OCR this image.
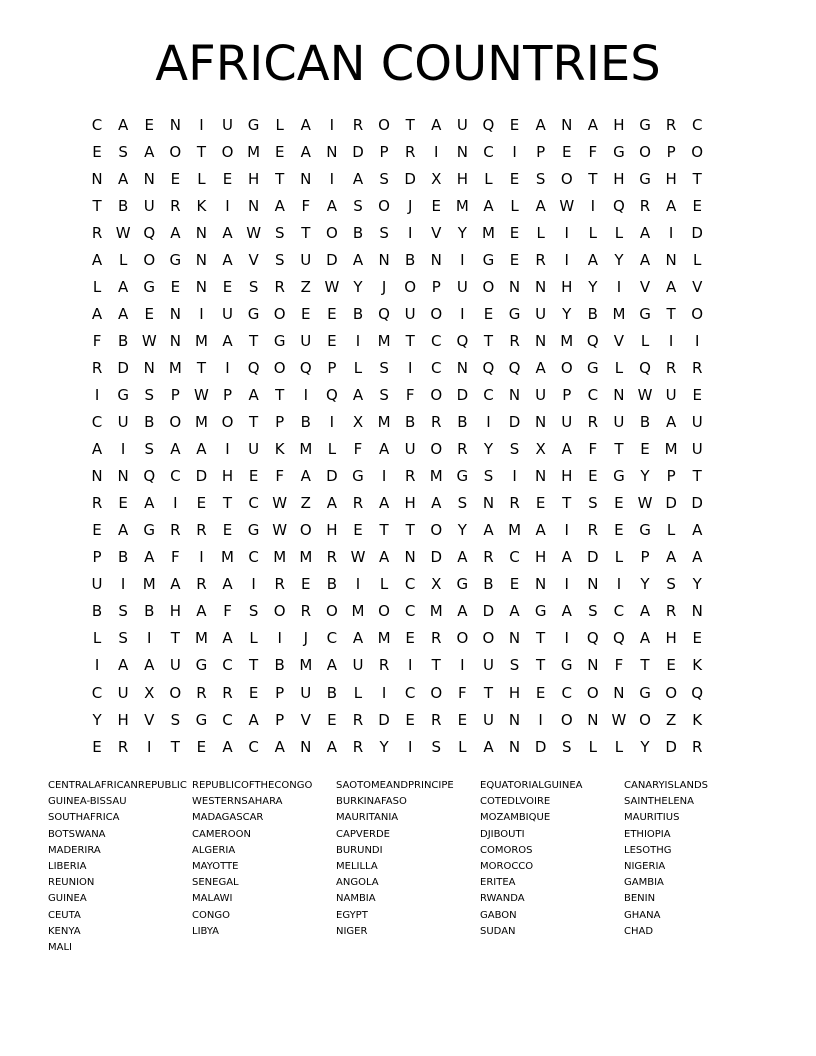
AFRICAN COUNTRIES
C	A	E	N	I	U G	L	A	I	R O	T	A	U Q	E	A	N	A	H G	R	C
E	S	A	O	T	O M E	A	N D	P	R	I	N	C	I	P	E	F	G O	P	O
N	A	N	E	L	E	H	T	N	I	A	S	D	X	H	L	E	S	O	T	H G H	T
T	B	U	R	K	I	N	A	F	A	S	O	J	E M A	L	A W	I	Q R	A	E
R W Q	A	N	A W S	T	O	B	S	I	V	Y	M E	L	I	L	L	A	I	D
A	L	O G N	A	V	S	U D	A	N	B	N	I	G	E	R	I	A	Y	A	N	L
L	A	G	E	N	E	S	R	Z W Y	J	O	P	U O N N H	Y	I	V	A	V
A	A	E	N	I	U G O	E	E	B	Q U O	I	E	G U	Y	B M G	T	O
F	B W N M A	T	G U	E	I	M	T	C Q	T	R	N M Q	V	L	I	I
R	D N M	T	I	Q O Q	P	L	S	I	C	N Q Q	A	O G	L	Q R	R
I	G	S	P W P	A	T	I	Q	A	S	F	O D	C	N U	P	C	N W U	E
C	U	B	O M O	T	P	B	I	X M B	R	B	I	D N U	R	U	B	A	U
A	I	S	A	A	I	U	K M	L	F	A	U O R	Y	S	X	A	F	T	E M U
N N Q C	D H	E	F	A	D G	I	R M G	S	I	N H	E	G	Y	P	T
R	E	A	I	E	T	C W Z	A	R	A	H	A	S	N	R	E	T	S	E W D D
E	A	G	R	R	E	G W O H	E	T	T	O	Y	A M A	I	R	E	G	L	A
P	B	A	F	I	M C M M R W A	N D	A	R	C	H	A	D	L	P	A	A
U	I	M A	R	A	I	R	E	B	I	L	C	X	G	B	E	N	I	N	I	Y	S	Y
B	S	B	H	A	F	S	O R O M O C M A	D	A	G	A	S	C	A	R	N
L	S	I	T	M A	L	I	J	C	A M E	R O O N	T	I	Q Q	A	H	E
I	A	A	U G	C	T	B M A	U	R	I	T	I	U	S	T	G N	F	T	E	K
C	U	X	O R	R	E	P	U	B	L	I	C O	F	T	H	E	C O N G O Q
Y	H	V	S	G	C	A	P	V	E	R	D	E	R	E	U N	I	O N W O	Z	K
E	R	I	T	E	A	C	A	N	A	R	Y	I	S	L	A	N D	S	L	L	Y	D	R
CENTRALAFRICANREPUBLIC REPUBLICOFTHECONGO	SAOTOMEANDPRINCIPE	EQUATORIALGUINEA	CANARYISLANDS
GUINEA-BISSAU	WESTERNSAHARA	BURKINAFASO	COTEDLVOIRE	SAINTHELENA
SOUTHAFRICA	MADAGASCAR	MAURITANIA	MOZAMBIQUE	MAURITIUS
BOTSWANA	CAMEROON	CAPVERDE	DJIBOUTI	ETHIOPIA
MADERIRA	ALGERIA	BURUNDI	COMOROS	LESOTHG
LIBERIA	MAYOTTE	MELILLA	MOROCCO	NIGERIA
REUNION	SENEGAL	ANGOLA	ERITEA	GAMBIA
GUINEA	MALAWI	NAMBIA	RWANDA	BENIN
CEUTA	CONGO	EGYPT	GABON	GHANA
KENYA	LIBYA	NIGER	SUDAN	CHAD
MALI
